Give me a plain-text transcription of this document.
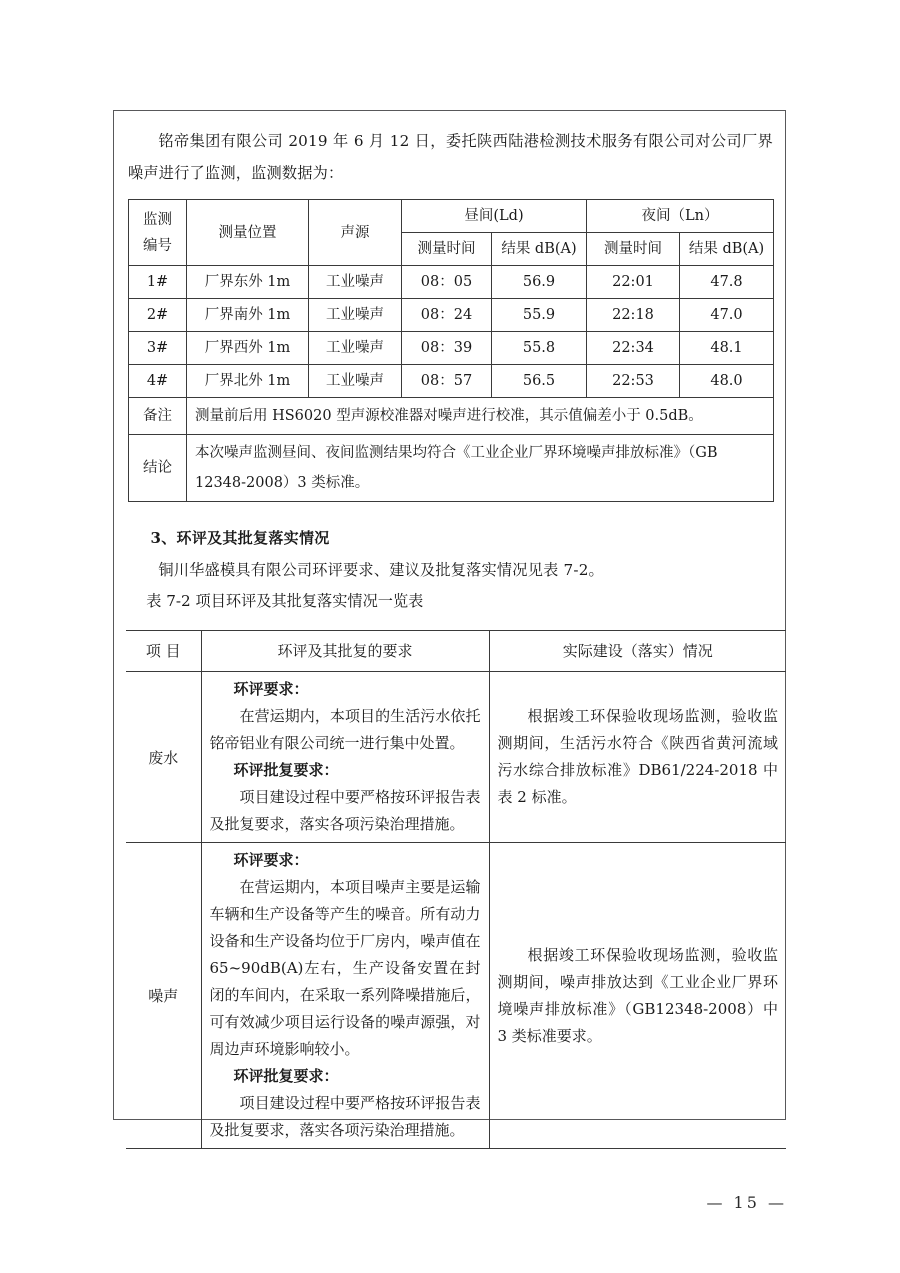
铭帝集团有限公司 2019 年 6 月 12 日，委托陕西陆港检测技术服务有限公司对公司厂界噪声进行了监测，监测数据为：

监测
编号	测量位置	声源	昼间(Ld)		夜间（Ln）	
			测量时间	结果 dB(A)	测量时间	结果 dB(A)
1#	厂界东外 1m	工业噪声	08：05	56.9	22:01	47.8
2#	厂界南外 1m	工业噪声	08：24	55.9	22:18	47.0
3#	厂界西外 1m	工业噪声	08：39	55.8	22:34	48.1
4#	厂界北外 1m	工业噪声	08：57	56.5	22:53	48.0
备注	测量前后用 HS6020 型声源校准器对噪声进行校准，其示值偏差小于 0.5dB。					
结论	本次噪声监测昼间、夜间监测结果均符合《工业企业厂界环境噪声排放标准》（GB 12348-2008）3 类标准。					

3、环评及其批复落实情况

铜川华盛模具有限公司环评要求、建议及批复落实情况见表 7-2。

表 7-2 项目环评及其批复落实情况一览表

项 目	环评及其批复的要求	实际建设（落实）情况
废水	环评要求：

在营运期内，本项目的生活污水依托铭帝铝业有限公司统一进行集中处置。

环评批复要求：

项目建设过程中要严格按环评报告表及批复要求，落实各项污染治理措施。	根据竣工环保验收现场监测，验收监测期间，生活污水符合《陕西省黄河流域污水综合排放标准》DB61/224-2018 中表 2 标准。

噪声	环评要求：

在营运期内，本项目噪声主要是运输车辆和生产设备等产生的噪音。所有动力设备和生产设备均位于厂房内，噪声值在65~90dB(A)左右，生产设备安置在封闭的车间内，在采取一系列降噪措施后，可有效减少项目运行设备的噪声源强，对周边声环境影响较小。

环评批复要求：

项目建设过程中要严格按环评报告表及批复要求，落实各项污染治理措施。	根据竣工环保验收现场监测，验收监测期间，噪声排放达到《工业企业厂界环境噪声排放标准》（GB12348-2008）中 3 类标准要求。

— 15 —
